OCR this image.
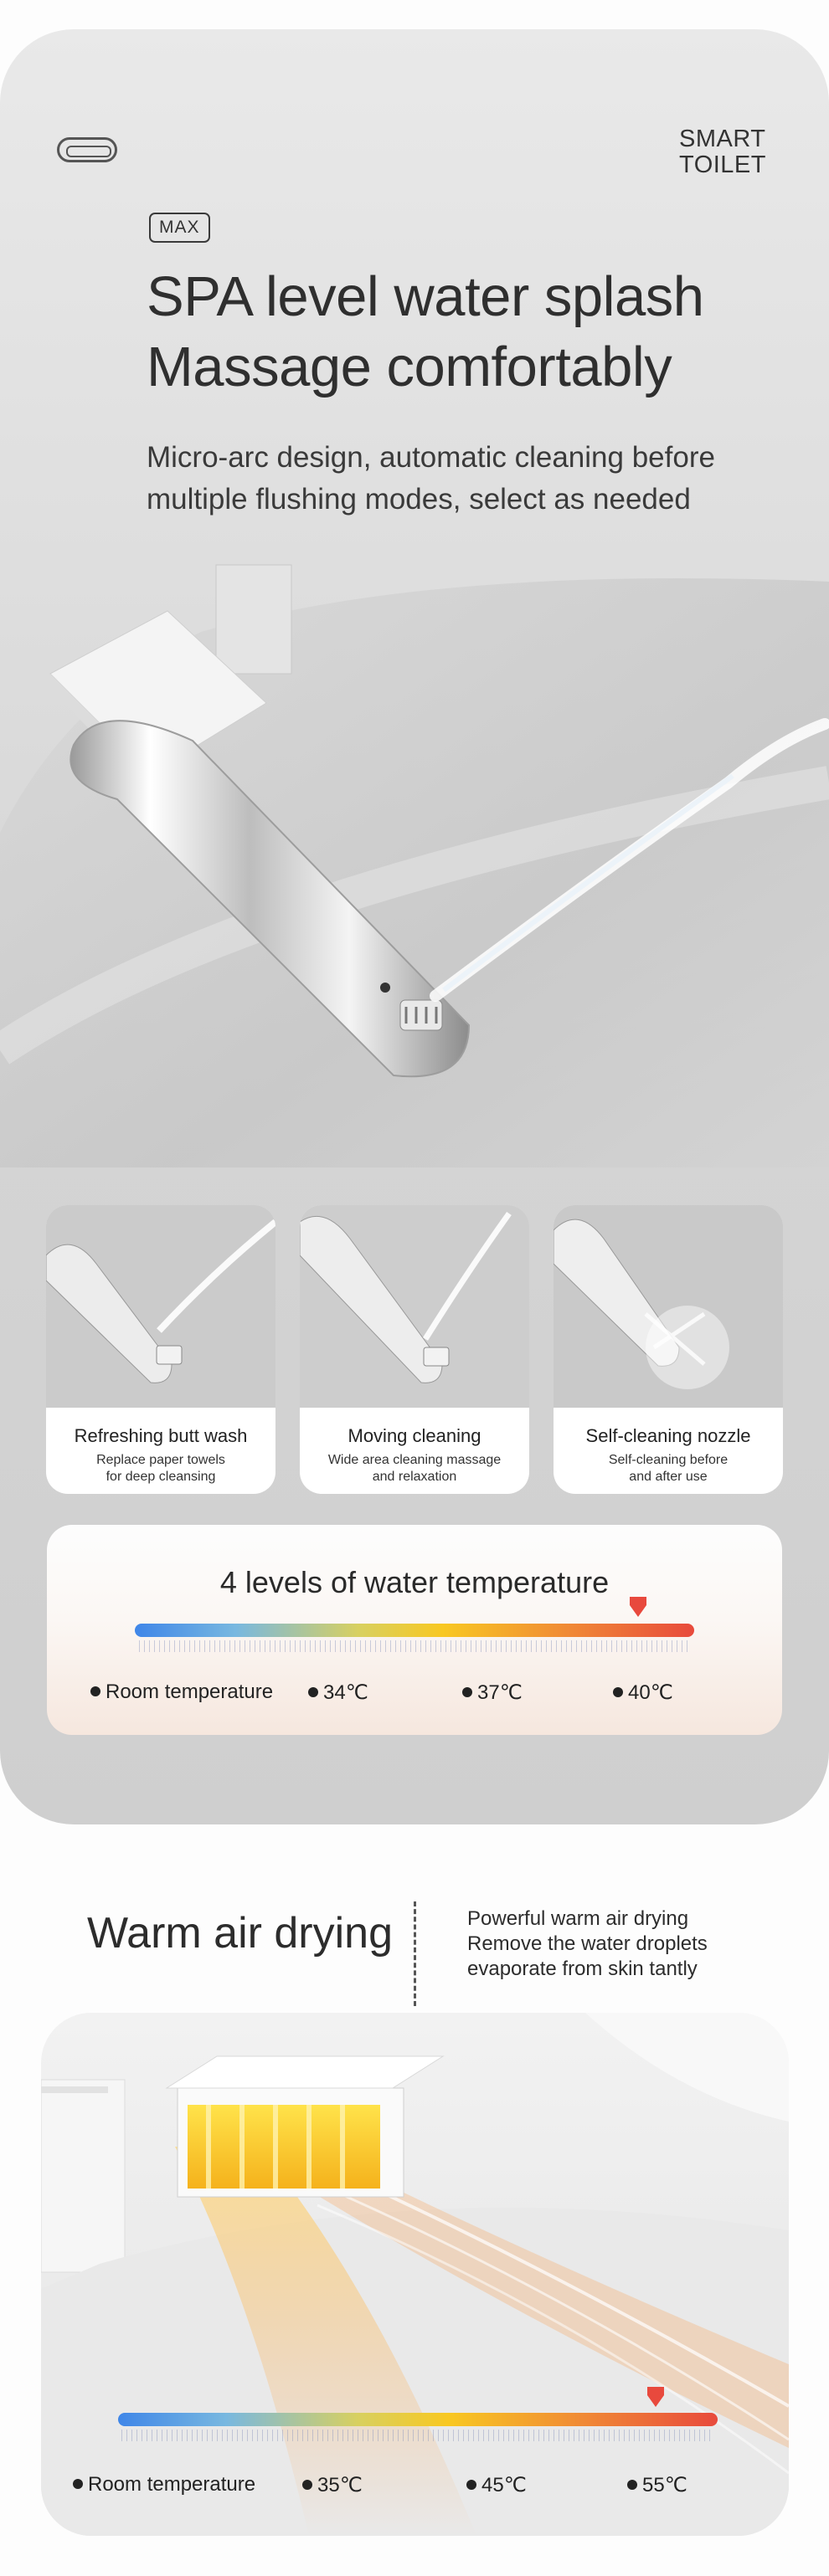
SMART
TOILET
MAX
SPA level water splash
Massage comfortably

Micro-arc design, automatic cleaning before
multiple flushing modes, select as needed

Refreshing butt wash
Replace paper towels
for deep cleansing
Moving cleaning
Wide area cleaning massage
and relaxation
Self-cleaning nozzle
Self-cleaning before
and after use
4 levels of water temperature
Room temperature	34℃	37℃	40℃
Warm air drying	Powerful warm air drying
Remove the water droplets
evaporate from skin tantly
Room temperature	35℃	45℃	55℃
